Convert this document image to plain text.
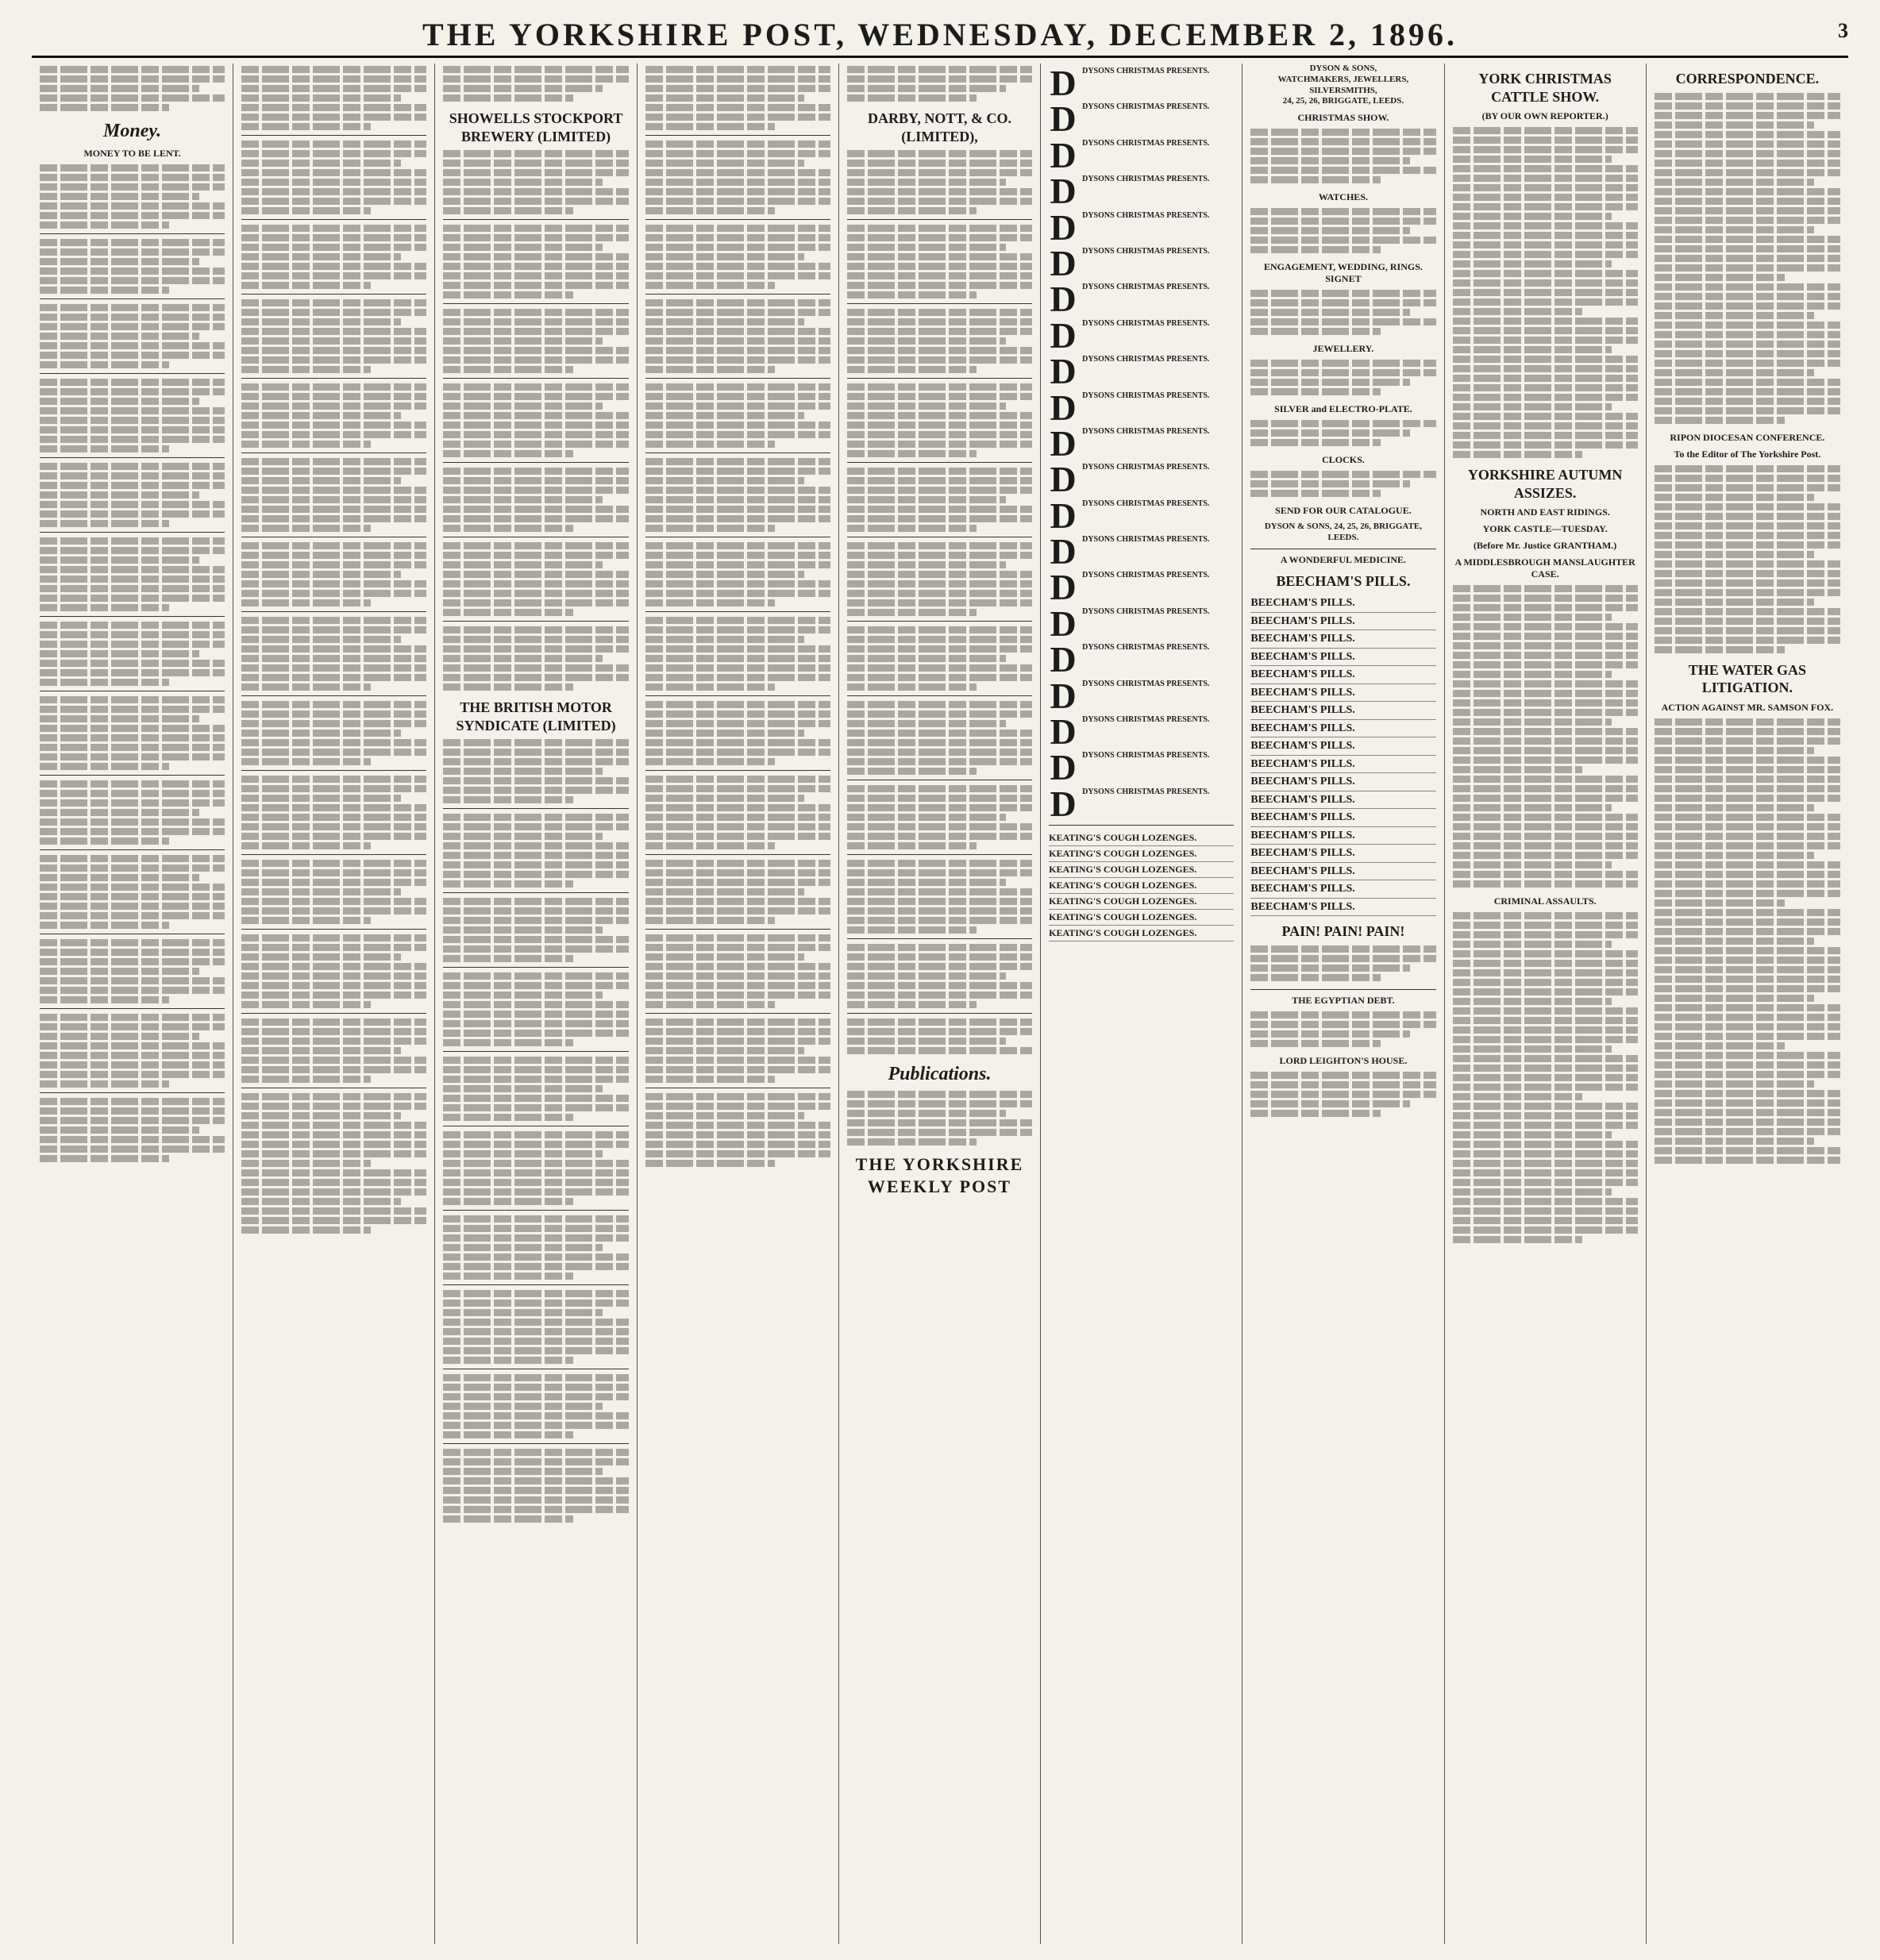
THE YORKSHIRE POST, WEDNESDAY, DECEMBER 2, 1896.	3
Money.
MONEY TO BE LENT.
SHOWELLS STOCKPORT BREWERY (LIMITED)
THE BRITISH MOTOR SYNDICATE (LIMITED)
DARBY, NOTT, & CO. (LIMITED),
Publications.
THE YORKSHIRE WEEKLY POST
D DYSONS CHRISTMAS PRESENTS.
D DYSONS CHRISTMAS PRESENTS.
D DYSONS CHRISTMAS PRESENTS.
D DYSONS CHRISTMAS PRESENTS.
D DYSONS CHRISTMAS PRESENTS.
D DYSONS CHRISTMAS PRESENTS.
D DYSONS CHRISTMAS PRESENTS.
D DYSONS CHRISTMAS PRESENTS.
D DYSONS CHRISTMAS PRESENTS.
D DYSONS CHRISTMAS PRESENTS.
D DYSONS CHRISTMAS PRESENTS.
D DYSONS CHRISTMAS PRESENTS.
D DYSONS CHRISTMAS PRESENTS.
D DYSONS CHRISTMAS PRESENTS.
D DYSONS CHRISTMAS PRESENTS.
D DYSONS CHRISTMAS PRESENTS.
D DYSONS CHRISTMAS PRESENTS.
D DYSONS CHRISTMAS PRESENTS.
D DYSONS CHRISTMAS PRESENTS.
D DYSONS CHRISTMAS PRESENTS.
D DYSONS CHRISTMAS PRESENTS.
KEATING'S COUGH LOZENGES.
KEATING'S COUGH LOZENGES.
KEATING'S COUGH LOZENGES.
KEATING'S COUGH LOZENGES.
KEATING'S COUGH LOZENGES.
KEATING'S COUGH LOZENGES.
KEATING'S COUGH LOZENGES.
DYSON & SONS,
WATCHMAKERS, JEWELLERS, SILVERSMITHS,
24, 25, 26, BRIGGATE, LEEDS.
CHRISTMAS SHOW.
WATCHES.
ENGAGEMENT, WEDDING, RINGS. SIGNET
JEWELLERY.
SILVER and ELECTRO-PLATE.
CLOCKS.
SEND FOR OUR CATALOGUE.
DYSON & SONS, 24, 25, 26, BRIGGATE, LEEDS.
A WONDERFUL MEDICINE.
BEECHAM'S PILLS.
BEECHAM'S PILLS.
BEECHAM'S PILLS.
BEECHAM'S PILLS.
BEECHAM'S PILLS.
BEECHAM'S PILLS.
BEECHAM'S PILLS.
BEECHAM'S PILLS.
BEECHAM'S PILLS.
BEECHAM'S PILLS.
BEECHAM'S PILLS.
BEECHAM'S PILLS.
BEECHAM'S PILLS.
BEECHAM'S PILLS.
BEECHAM'S PILLS.
BEECHAM'S PILLS.
BEECHAM'S PILLS.
BEECHAM'S PILLS.
BEECHAM'S PILLS.
PAIN! PAIN! PAIN!
THE EGYPTIAN DEBT.
LORD LEIGHTON'S HOUSE.
YORK CHRISTMAS CATTLE SHOW.
(BY OUR OWN REPORTER.)
YORKSHIRE AUTUMN ASSIZES.
NORTH AND EAST RIDINGS.
YORK CASTLE—TUESDAY.
(Before Mr. Justice GRANTHAM.)
A MIDDLESBROUGH MANSLAUGHTER CASE.
CRIMINAL ASSAULTS.
CORRESPONDENCE.
RIPON DIOCESAN CONFERENCE.
To the Editor of The Yorkshire Post.
THE WATER GAS LITIGATION.
ACTION AGAINST MR. SAMSON FOX.
